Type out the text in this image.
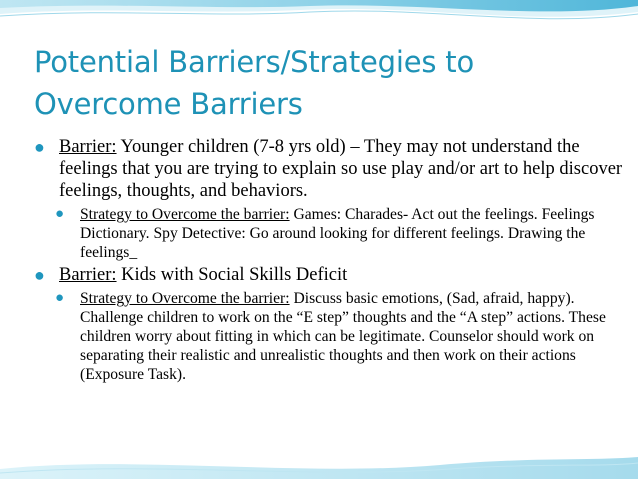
Potential Barriers/Strategies to Overcome Barriers
● Barrier: Younger children (7-8 yrs old) – They may not understand the feelings that you are trying to explain so use play and/or art to help discover feelings, thoughts, and behaviors.
● Strategy to Overcome the barrier: Games: Charades- Act out the feelings. Feelings Dictionary. Spy Detective: Go around looking for different feelings. Drawing the feelings_
● Barrier: Kids with Social Skills Deficit
● Strategy to Overcome the barrier: Discuss basic emotions, (Sad, afraid, happy). Challenge children to work on the “E step” thoughts and the “A step” actions. These children worry about fitting in which can be legitimate. Counselor should work on separating their realistic and unrealistic thoughts and then work on their actions (Exposure Task).
